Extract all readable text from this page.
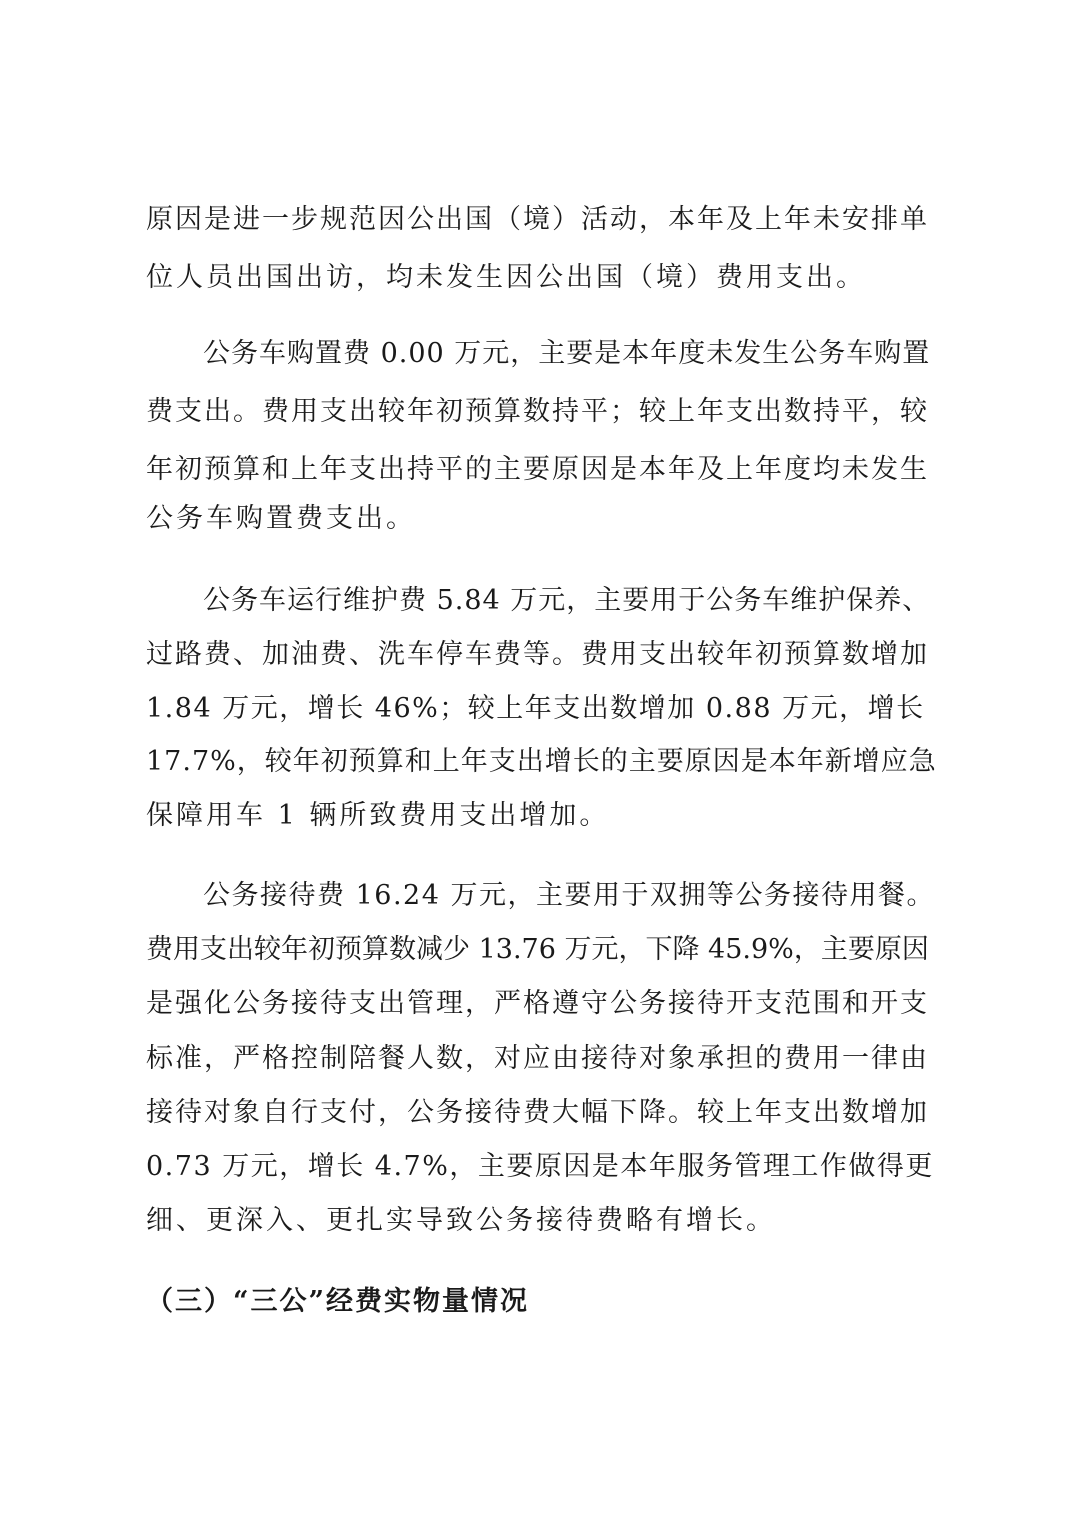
原因是进一步规范因公出国（境）活动，本年及上年未安排单
位人员出国出访，均未发生因公出国（境）费用支出。
公务车购置费 0.00 万元，主要是本年度未发生公务车购置
费支出。费用支出较年初预算数持平；较上年支出数持平，较
年初预算和上年支出持平的主要原因是本年及上年度均未发生
公务车购置费支出。
公务车运行维护费 5.84 万元，主要用于公务车维护保养、
过路费、加油费、洗车停车费等。费用支出较年初预算数增加
1.84 万元，增长 46%；较上年支出数增加 0.88 万元，增长
17.7%，较年初预算和上年支出增长的主要原因是本年新增应急
保障用车 1 辆所致费用支出增加。
公务接待费 16.24 万元，主要用于双拥等公务接待用餐。
费用支出较年初预算数减少 13.76 万元，下降 45.9%，主要原因
是强化公务接待支出管理，严格遵守公务接待开支范围和开支
标准，严格控制陪餐人数，对应由接待对象承担的费用一律由
接待对象自行支付，公务接待费大幅下降。较上年支出数增加
0.73 万元，增长 4.7%，主要原因是本年服务管理工作做得更
细、更深入、更扎实导致公务接待费略有增长。
（三）“三公”经费实物量情况
